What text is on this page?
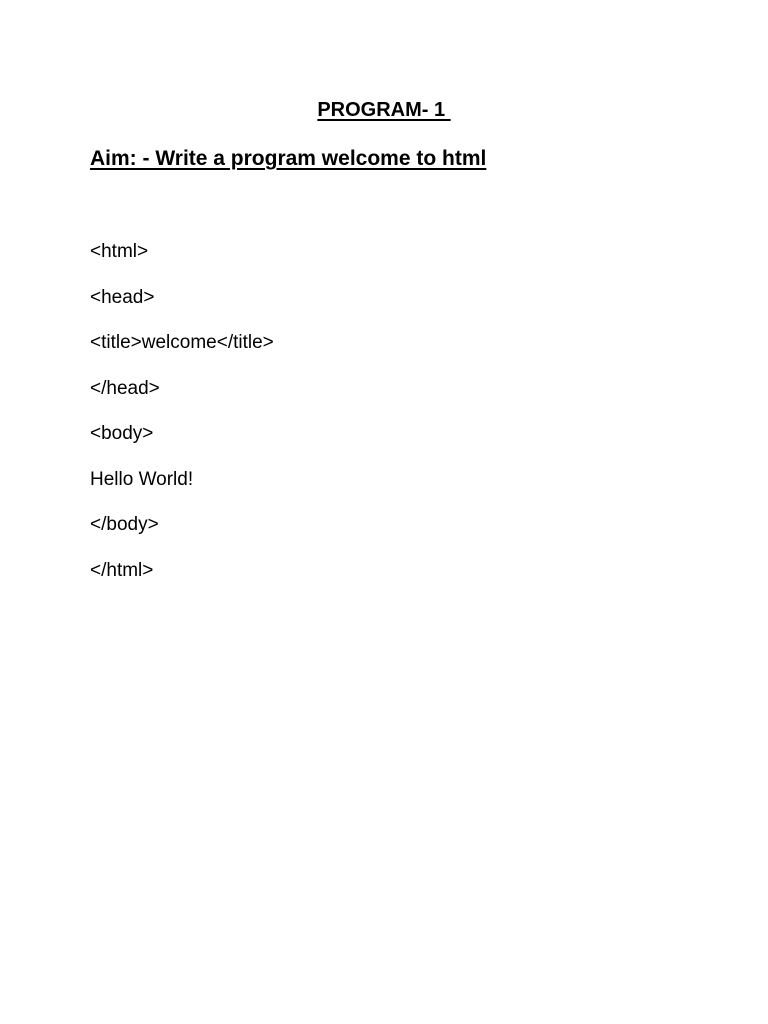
PROGRAM- 1
Aim: - Write a program welcome to html
<html>
<head>
<title>welcome</title>
</head>
<body>
Hello World!
</body>
</html>
